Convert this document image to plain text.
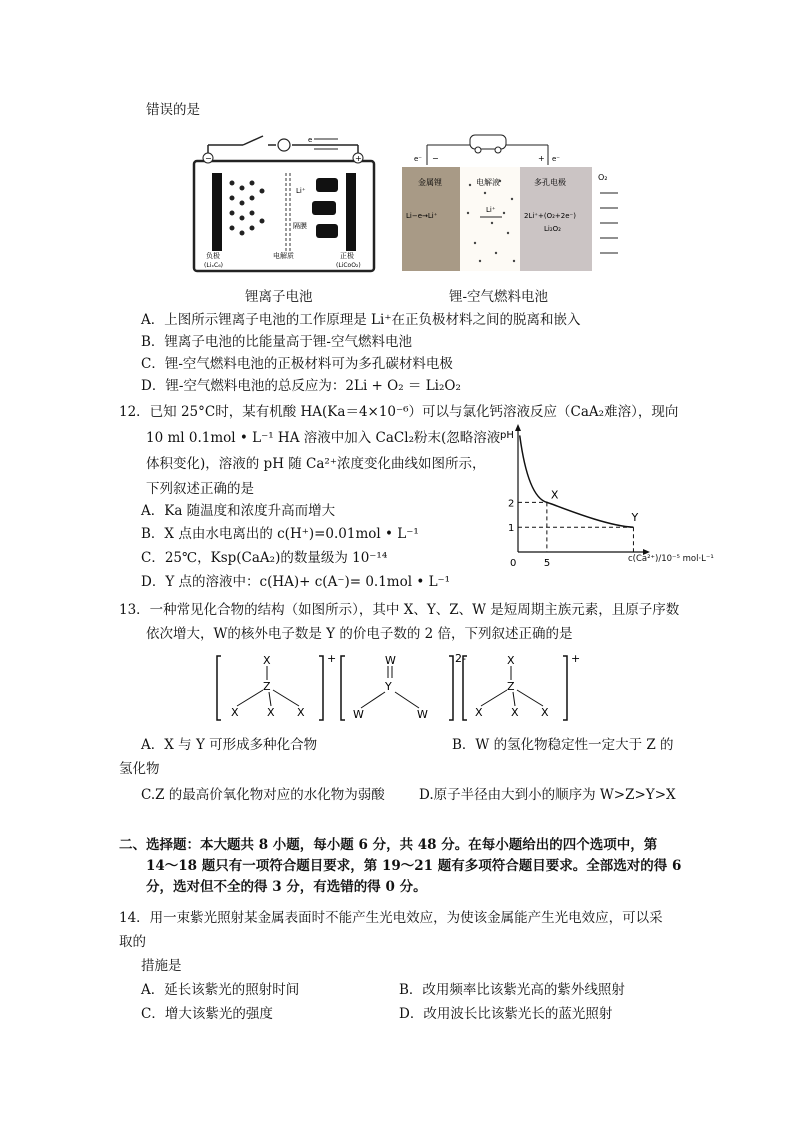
错误的是
−	+
e
Li⁺
隔膜
负极
(LiₓC₆)
电解质	正极
(LiCoO₂)
e⁻ −	+ e⁻
金属锂
Li−e→Li⁺
电解液
Li⁺
多孔电极
2Li⁺+(O₂+2e⁻)
Li₂O₂
O₂
锂离子电池	锂-空气燃料电池
A．上图所示锂离子电池的工作原理是 Li⁺在正负极材料之间的脱离和嵌入
B．锂离子电池的比能量高于锂-空气燃料电池
C．锂-空气燃料电池的正极材料可为多孔碳材料电极
D．锂-空气燃料电池的总反应为：2Li + O₂ ＝ Li₂O₂
12．已知 25°C时，某有机酸 HA(Ka＝4×10⁻⁶）可以与氯化钙溶液反应（CaA₂难溶），现向
10 ml 0.1mol • L⁻¹ HA 溶液中加入 CaCl₂粉末(忽略溶液
体积变化)，溶液的 pH 随 Ca²⁺浓度变化曲线如图所示，
下列叙述正确的是
A．Ka 随温度和浓度升高而增大
B．X 点由水电离出的 c(H⁺)=0.01mol • L⁻¹
C．25℃，Ksp(CaA₂)的数量级为 10⁻¹⁴
D．Y 点的溶液中：c(HA)+ c(A⁻)= 0.1mol • L⁻¹
pH
0	5
1
2
X
Y
c(Ca²⁺)/10⁻⁵ mol·L⁻¹
13．一种常见化合物的结构（如图所示），其中 X、Y、Z、W 是短周期主族元素，且原子序数
依次增大，W的核外电子数是 Y 的价电子数的 2 倍，下列叙述正确的是
X
Z
X	X X
+	W
Y
W	W
2-	X
Z
X	X X
+
A．X 与 Y 可形成多种化合物	B．W 的氢化物稳定性一定大于 Z 的
氢化物
C.Z 的最高价氧化物对应的水化物为弱酸	D.原子半径由大到小的顺序为 W>Z>Y>X
二、选择题：本大题共 8 小题，每小题 6 分，共 48 分。在每小题给出的四个选项中，第
14～18 题只有一项符合题目要求，第 19～21 题有多项符合题目要求。全部选对的得 6
分，选对但不全的得 3 分，有选错的得 0 分。
14．用一束紫光照射某金属表面时不能产生光电效应，为使该金属能产生光电效应，可以采
取的
措施是
A．延长该紫光的照射时间	B．改用频率比该紫光高的紫外线照射
C．增大该紫光的强度	D．改用波长比该紫光长的蓝光照射
